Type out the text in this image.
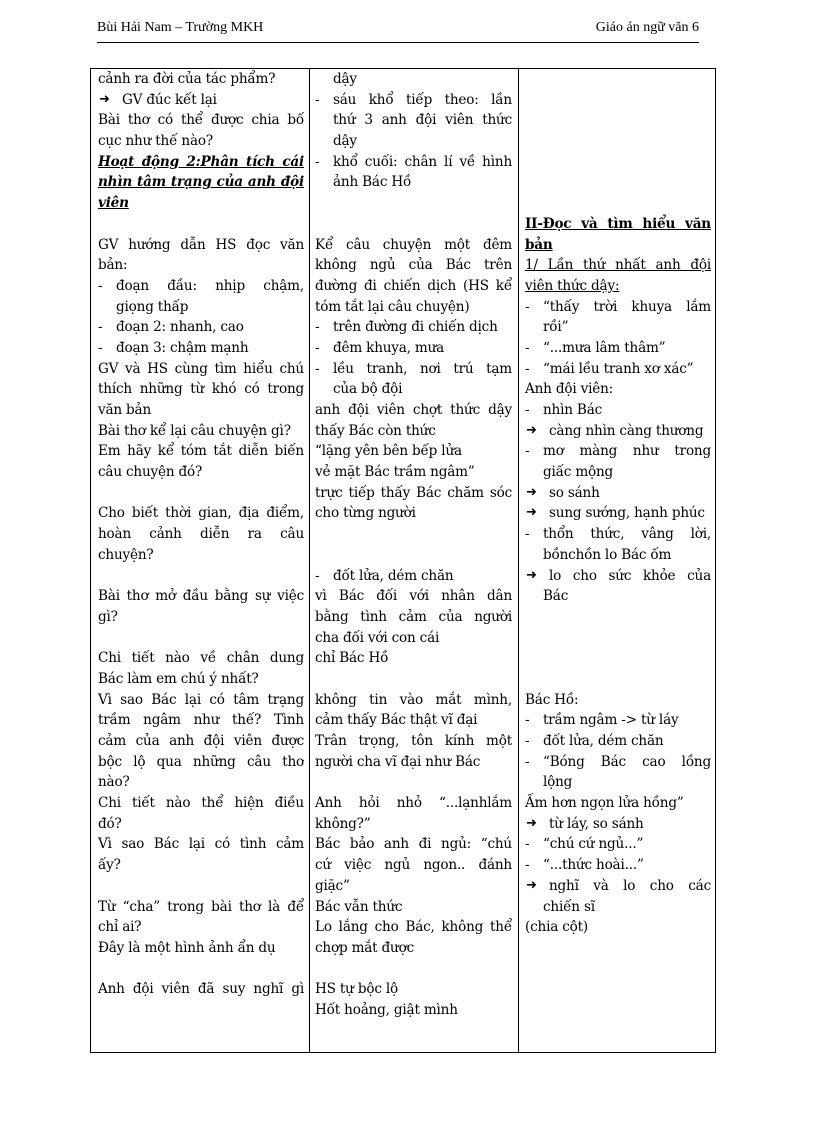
Bùi Hải Nam – Trường MKH	Giáo án ngữ văn 6
cảnh ra đời của tác phẩm?
➜ GV đúc kết lại
Bài thơ có thể được chia bố
cục như thế nào?
Hoạt động 2:Phân tích cái
nhìn tâm trạng của anh đội
viên
GV hướng dẫn HS đọc văn
bản:
- đoạn đầu: nhịp chậm,
giọng thấp
- đoạn 2: nhanh, cao
- đoạn 3: chậm mạnh
GV và HS cùng tìm hiểu chú
thích những từ khó có trong
văn bản
Bài thơ kể lại câu chuyện gì?
Em hãy kể tóm tắt diễn biến
câu chuyện đó?
Cho biết thời gian, địa điểm,
hoàn cảnh diễn ra câu
chuyện?
Bài thơ mở đầu bằng sự việc
gì?
Chi tiết nào về chân dung
Bác làm em chú ý nhất?
Vì sao Bác lại có tâm trạng
trầm ngâm như thế? Tình
cảm của anh đội viên được
bộc lộ qua những câu thơ
nào?
Chi tiết nào thể hiện điều
đó?
Vì sao Bác lại có tình cảm
ấy?
Từ “cha” trong bài thơ là để
chỉ ai?
Đây là một hình ảnh ẩn dụ
Anh đội viên đã suy nghĩ gì
dậy
- sáu khổ tiếp theo: lần
thứ 3 anh đội viên thức
dậy
- khổ cuối: chân lí về hình
ảnh Bác Hồ
Kể câu chuyện một đêm
không ngủ của Bác trên
đường đi chiến dịch (HS kể
tóm tắt lại câu chuyện)
- trên đường đi chiến dịch
- đêm khuya, mưa
- lều tranh, nơi trú tạm
của bộ đội
anh đội viên chợt thức dậy
thấy Bác còn thức
“lặng yên bên bếp lửa
vẻ mặt Bác trầm ngâm”
trực tiếp thấy Bác chăm sóc
cho từng người
- đốt lửa, dém chăn
vì Bác đối với nhân dân
bằng tình cảm của người
cha đối với con cái
chỉ Bác Hồ
không tin vào mắt mình,
cảm thấy Bác thật vĩ đại
Trân trọng, tôn kính một
người cha vĩ đại như Bác
Anh hỏi nhỏ “...lạnhlắm
không?”
Bác bảo anh đi ngủ: “chú
cứ việc ngủ ngon.. đánh
giặc”
Bác vẫn thức
Lo lắng cho Bác, không thể
chợp mắt được
HS tự bộc lộ
Hốt hoảng, giật mình
II-Đọc và tìm hiểu văn
bản
1/ Lần thứ nhất anh đội
viên thức dậy:
- “thấy trời khuya lắm
rồi”
- “...mưa lâm thâm”
- “mái lều tranh xơ xác”
Anh đội viên:
- nhìn Bác
➜ càng nhìn càng thương
- mơ màng như trong
giấc mộng
➜ so sánh
➜ sung sướng, hạnh phúc
- thổn thức, vâng lời,
bồnchồn lo Bác ốm
➜ lo cho sức khỏe của
Bác
Bác Hồ:
- trầm ngâm -> từ láy
- đốt lửa, dém chăn
- “Bóng Bác cao lồng
lộng
Ấm hơn ngọn lửa hồng”
➜ từ láy, so sánh
- “chú cứ ngủ...”
- “...thức hoài...”
➜ nghĩ và lo cho các
chiến sĩ
(chia cột)
